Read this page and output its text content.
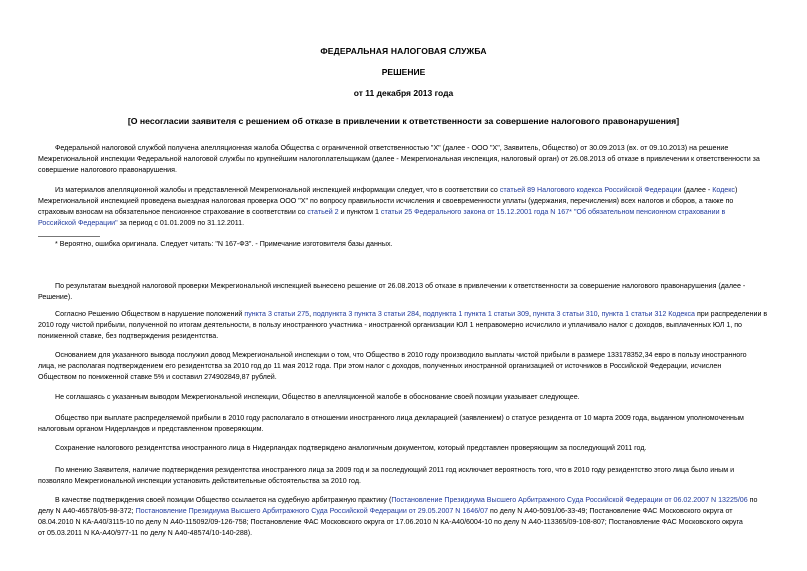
ФЕДЕРАЛЬНАЯ НАЛОГОВАЯ СЛУЖБА
РЕШЕНИЕ
от 11 декабря 2013 года
[О несогласии заявителя с решением об отказе в привлечении к ответственности за совершение налогового правонарушения]
Федеральной налоговой службой получена апелляционная жалоба Общества с ограниченной ответственностью "Х" (далее - ООО "Х", Заявитель, Общество) от 30.09.2013 (вх. от 09.10.2013) на решение
Межрегиональной инспекции Федеральной налоговой службы по крупнейшим налогоплательщикам (далее - Межрегиональная инспекция, налоговый орган) от 26.08.2013 об отказе в привлечении к ответственности за
совершение налогового правонарушения.
Из материалов апелляционной жалобы и представленной Межрегиональной инспекцией информации следует, что в соответствии со статьей 89 Налогового кодекса Российской Федерации (далее - Кодекс)
Межрегиональной инспекцией проведена выездная налоговая проверка ООО "Х" по вопросу правильности исчисления и своевременности уплаты (удержания, перечисления) всех налогов и сборов, а также по
страховым взносам на обязательное пенсионное страхование в соответствии со статьей 2 и пунктом 1 статьи 25 Федерального закона от 15.12.2001 года N 167* "Об обязательном пенсионном страховании в
Российской Федерации" за период с 01.01.2009 по 31.12.2011.
* Вероятно, ошибка оригинала. Следует читать: "N 167-ФЗ". - Примечание изготовителя базы данных.
По результатам выездной налоговой проверки Межрегиональной инспекцией вынесено решение от 26.08.2013 об отказе в привлечении к ответственности за совершение налогового правонарушения (далее -
Решение).
Согласно Решению Обществом в нарушение положений пункта 3 статьи 275, подпункта 3 пункта 3 статьи 284, подпункта 1 пункта 1 статьи 309, пункта 3 статьи 310, пункта 1 статьи 312 Кодекса при распределении в
2010 году чистой прибыли, полученной по итогам деятельности, в пользу иностранного участника - иностранной организации ЮЛ 1 неправомерно исчислило и уплачивало налог с доходов, выплаченных ЮЛ 1, по
пониженной ставке, без подтверждения резидентства.
Основанием для указанного вывода послужил довод Межрегиональной инспекции о том, что Общество в 2010 году производило выплаты чистой прибыли в размере 133178352,34 евро в пользу иностранного
лица, не располагая подтверждением его резидентства за 2010 год до 11 мая 2012 года. При этом налог с доходов, полученных иностранной организацией от источников в Российской Федерации, исчислен
Обществом по пониженной ставке 5% и составил 274902849,87 рублей.
Не соглашаясь с указанным выводом Межрегиональной инспекции, Общество в апелляционной жалобе в обоснование своей позиции указывает следующее.
Общество при выплате распределяемой прибыли в 2010 году располагало в отношении иностранного лица декларацией (заявлением) о статусе резидента от 10 марта 2009 года, выданном уполномоченным
налоговым органом Нидерландов и представленном проверяющим.
Сохранение налогового резидентства иностранного лица в Нидерландах подтверждено аналогичным документом, который представлен проверяющим за последующий 2011 год.
По мнению Заявителя, наличие подтверждения резидентства иностранного лица за 2009 год и за последующий 2011 год исключает вероятность того, что в 2010 году резидентство этого лица было иным и
позволяло Межрегиональной инспекции установить действительные обстоятельства за 2010 год.
В качестве подтверждения своей позиции Общество ссылается на судебную арбитражную практику (Постановление Президиума Высшего Арбитражного Суда Российской Федерации от 06.02.2007 N 13225/06 по
делу N А40-46578/05-98-372; Постановление Президиума Высшего Арбитражного Суда Российской Федерации от 29.05.2007 N 1646/07 по делу N А40-5091/06-33-49; Постановление ФАС Московского округа от
08.04.2010 N КА-А40/3115-10 по делу N А40-115092/09-126-758; Постановление ФАС Московского округа от 17.06.2010 N КА-А40/6004-10 по делу N А40-113365/09-108-807; Постановление ФАС Московского округа
от 05.03.2011 N КА-А40/977-11 по делу N А40-48574/10-140-288).
